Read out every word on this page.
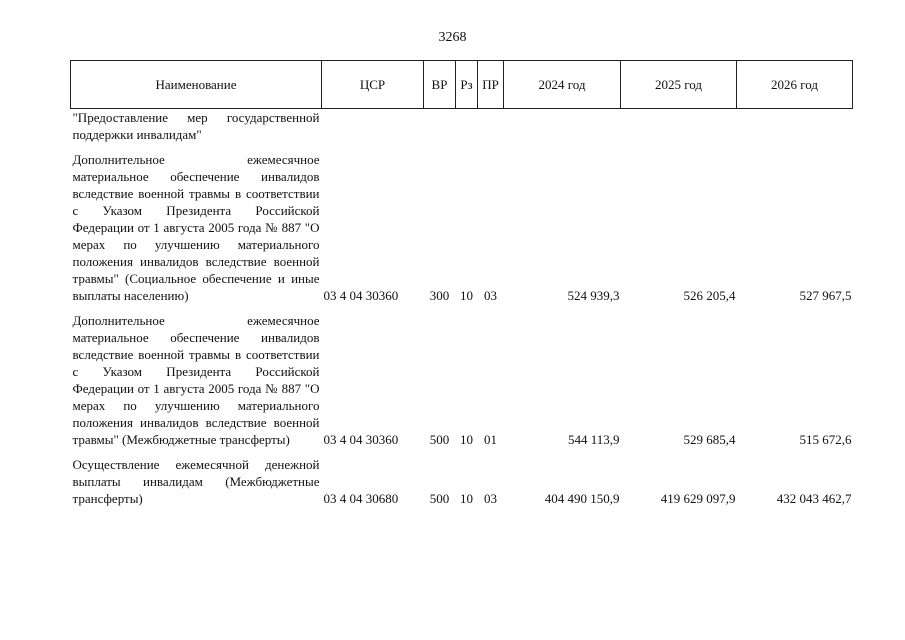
3268
Наименование	ЦСР	ВР	Рз	ПР	2024 год	2025 год	2026 год
"Предоставление мер государственной поддержки инвалидам"							

Дополнительное ежемесячное материальное обеспечение инвалидов вследствие военной травмы в соответствии с Указом Президента Российской Федерации от 1 августа 2005 года № 887 "О мерах по улучшению материального положения инвалидов вследствие военной травмы" (Социальное обеспечение и иные выплаты населению)	03 4 04 30360	300	10	03	524 939,3	526 205,4	527 967,5

Дополнительное ежемесячное материальное обеспечение инвалидов вследствие военной травмы в соответствии с Указом Президента Российской Федерации от 1 августа 2005 года № 887 "О мерах по улучшению материального положения инвалидов вследствие военной травмы" (Межбюджетные трансферты)	03 4 04 30360	500	10	01	544 113,9	529 685,4	515 672,6

Осуществление ежемесячной денежной выплаты инвалидам (Межбюджетные трансферты)	03 4 04 30680	500	10	03	404 490 150,9	419 629 097,9	432 043 462,7
